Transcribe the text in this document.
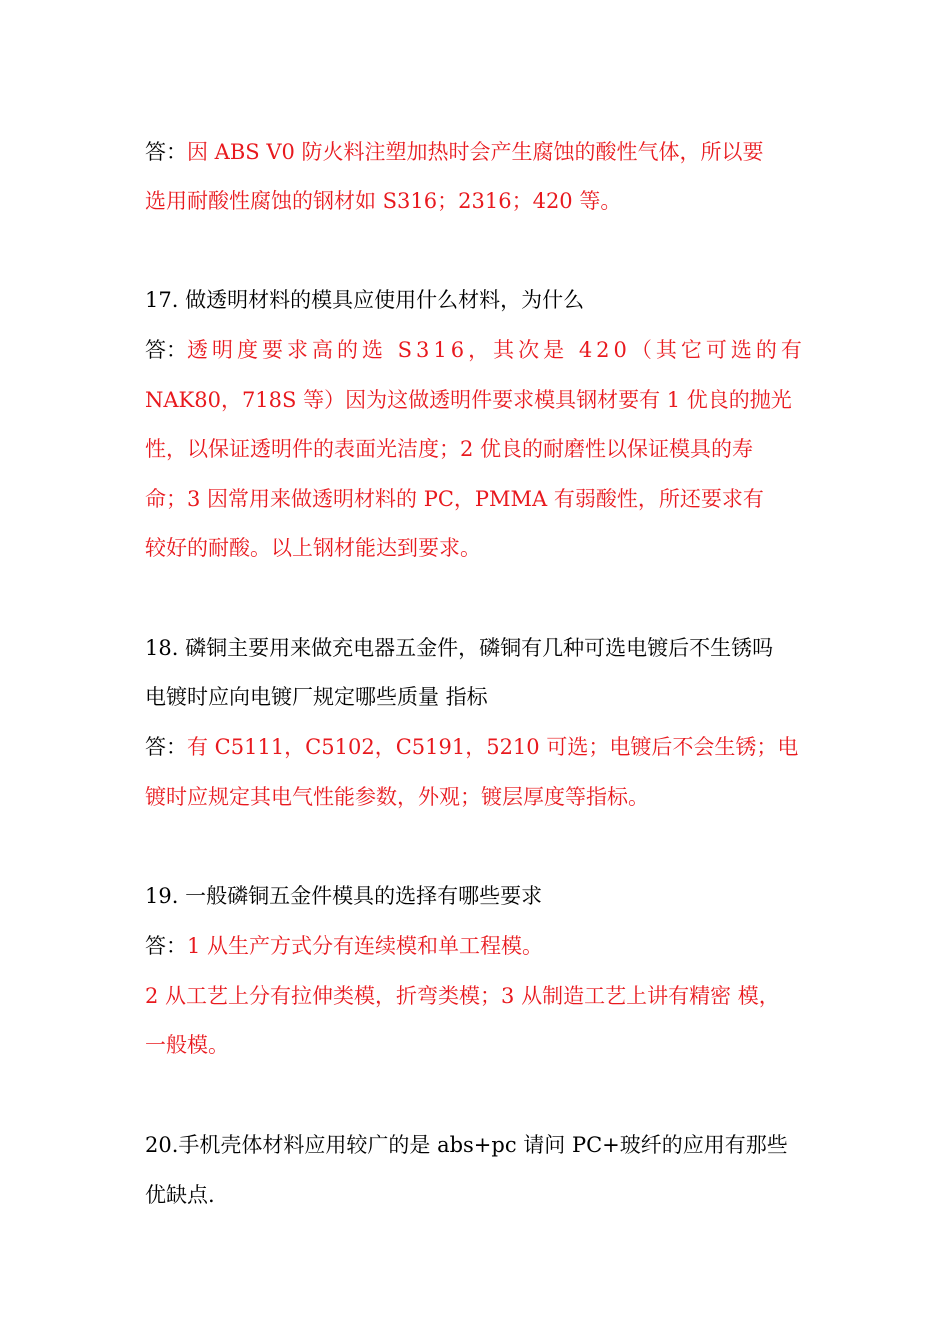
答：因 ABS V0 防火料注塑加热时会产生腐蚀的酸性气体，所以要
选用耐酸性腐蚀的钢材如 S316；2316；420 等。
17. 做透明材料的模具应使用什么材料，为什么
答：透明度要求高的选 S316，其次是 420（其它可选的有
NAK80，718S 等）因为这做透明件要求模具钢材要有 1 优良的抛光
性，以保证透明件的表面光洁度；2 优良的耐磨性以保证模具的寿
命；3 因常用来做透明材料的 PC，PMMA 有弱酸性，所还要求有
较好的耐酸。以上钢材能达到要求。
18. 磷铜主要用来做充电器五金件，磷铜有几种可选电镀后不生锈吗
电镀时应向电镀厂规定哪些质量 指标
答：有 C5111，C5102，C5191，5210 可选；电镀后不会生锈；电
镀时应规定其电气性能参数，外观；镀层厚度等指标。
19. 一般磷铜五金件模具的选择有哪些要求
答：1 从生产方式分有连续模和单工程模。
2 从工艺上分有拉伸类模，折弯类模；3 从制造工艺上讲有精密 模，
一般模。
20.手机壳体材料应用较广的是 abs+pc 请问 PC+玻纤的应用有那些
优缺点.
